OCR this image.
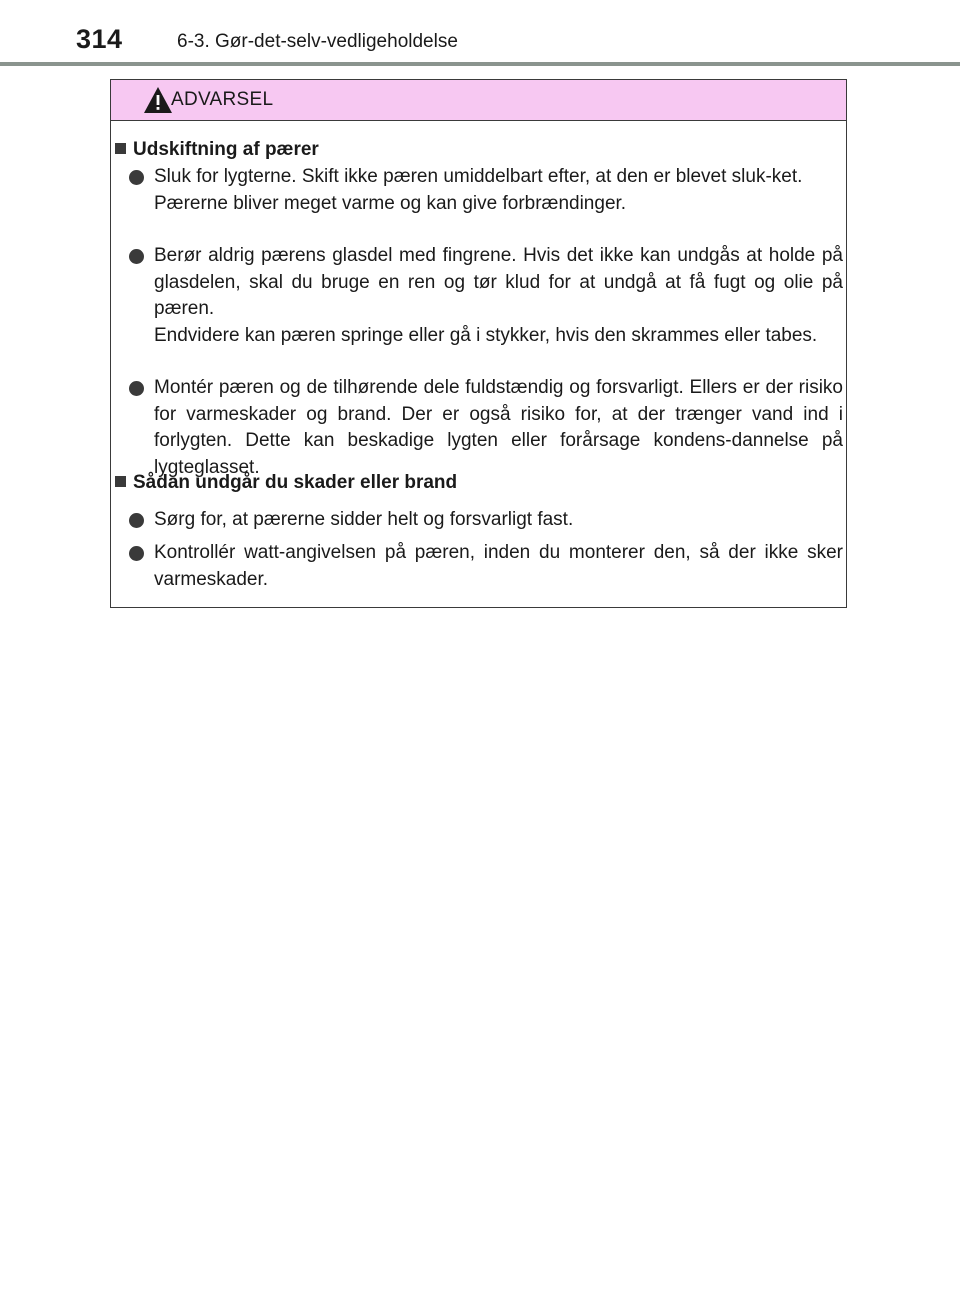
314	6-3. Gør-det-selv-vedligeholdelse
ADVARSEL
Udskiftning af pærer
Sluk for lygterne. Skift ikke pæren umiddelbart efter, at den er blevet sluk-ket.
Pærerne bliver meget varme og kan give forbrændinger.
Berør aldrig pærens glasdel med fingrene. Hvis det ikke kan undgås at holde på glasdelen, skal du bruge en ren og tør klud for at undgå at få fugt og olie på pæren.
Endvidere kan pæren springe eller gå i stykker, hvis den skrammes eller tabes.
Montér pæren og de tilhørende dele fuldstændig og forsvarligt. Ellers er der risiko for varmeskader og brand. Der er også risiko for, at der trænger vand ind i forlygten. Dette kan beskadige lygten eller forårsage kondens-dannelse på lygteglasset.
Sådan undgår du skader eller brand
Sørg for, at pærerne sidder helt og forsvarligt fast.
Kontrollér watt-angivelsen på pæren, inden du monterer den, så der ikke sker varmeskader.
